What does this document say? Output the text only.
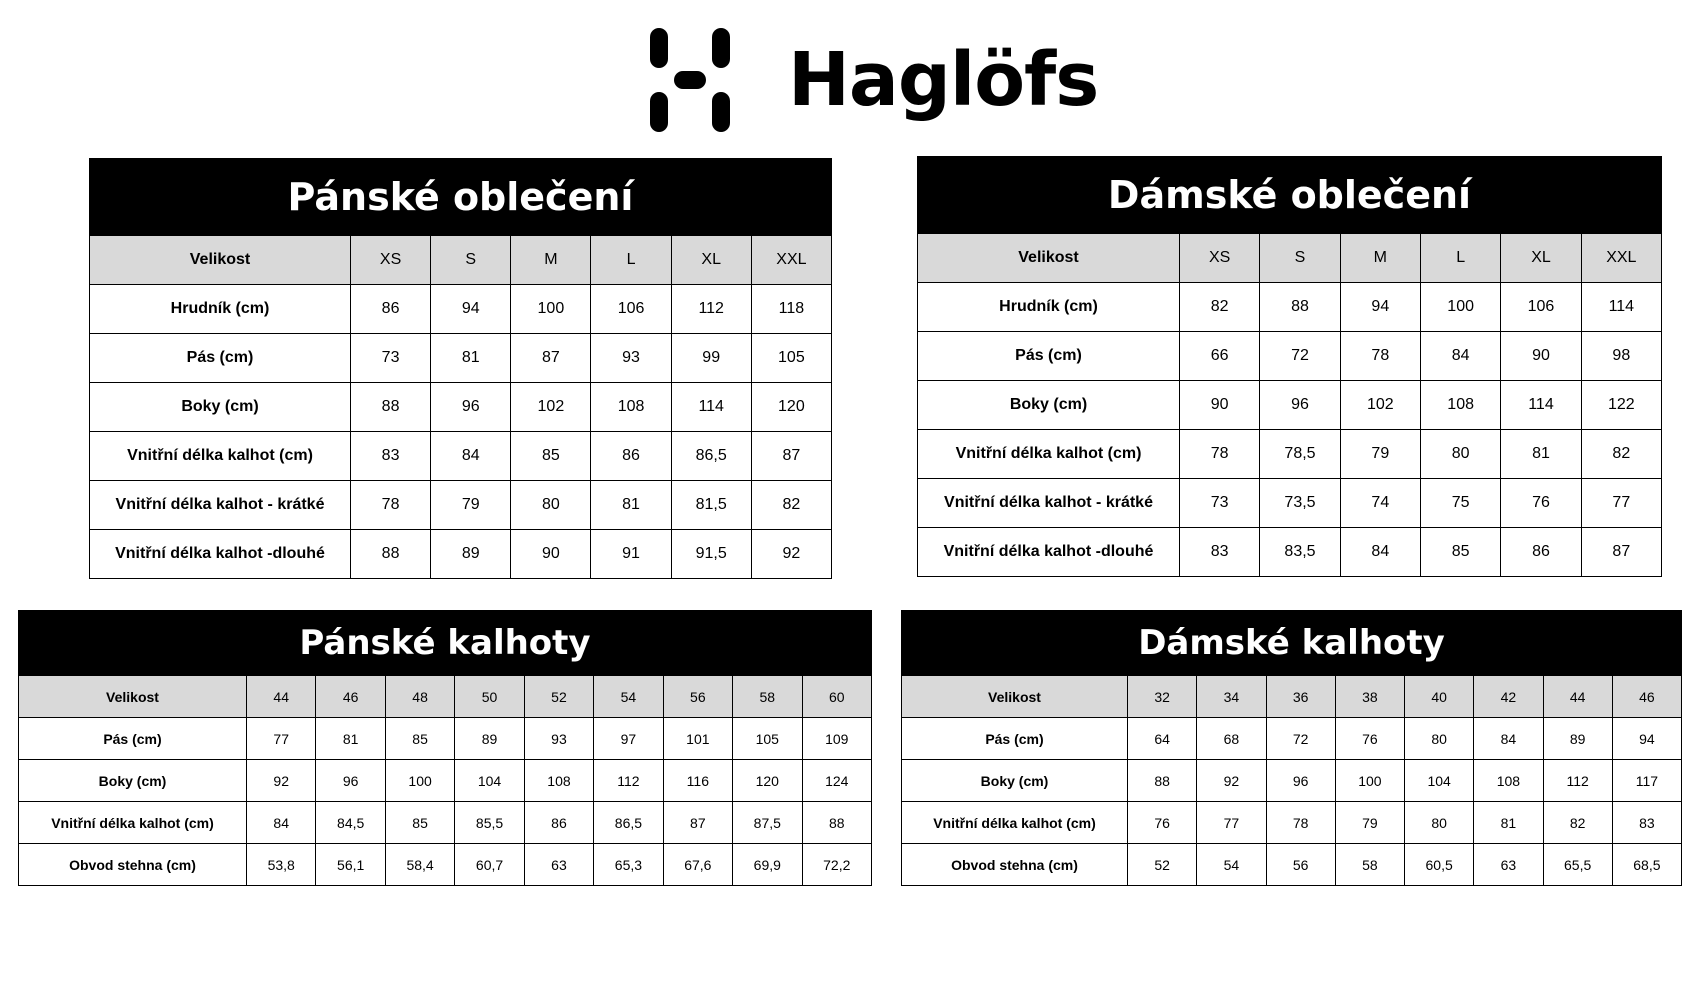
Haglöfs
Pánské oblečení
Velikost	XS	S	M	L	XL	XXL
Hrudník (cm)	86	94	100	106	112	118
Pás (cm)	73	81	87	93	99	105
Boky (cm)	88	96	102	108	114	120
Vnitřní délka kalhot (cm)	83	84	85	86	86,5	87
Vnitřní délka kalhot - krátké	78	79	80	81	81,5	82
Vnitřní délka kalhot -dlouhé	88	89	90	91	91,5	92
Dámské oblečení
Velikost	XS	S	M	L	XL	XXL
Hrudník (cm)	82	88	94	100	106	114
Pás (cm)	66	72	78	84	90	98
Boky (cm)	90	96	102	108	114	122
Vnitřní délka kalhot (cm)	78	78,5	79	80	81	82
Vnitřní délka kalhot - krátké	73	73,5	74	75	76	77
Vnitřní délka kalhot -dlouhé	83	83,5	84	85	86	87
Pánské kalhoty
Velikost	44	46	48	50	52	54	56	58	60
Pás (cm)	77	81	85	89	93	97	101	105	109
Boky (cm)	92	96	100	104	108	112	116	120	124
Vnitřní délka kalhot (cm)	84	84,5	85	85,5	86	86,5	87	87,5	88
Obvod stehna (cm)	53,8	56,1	58,4	60,7	63	65,3	67,6	69,9	72,2
Dámské kalhoty
Velikost	32	34	36	38	40	42	44	46
Pás (cm)	64	68	72	76	80	84	89	94
Boky (cm)	88	92	96	100	104	108	112	117
Vnitřní délka kalhot (cm)	76	77	78	79	80	81	82	83
Obvod stehna (cm)	52	54	56	58	60,5	63	65,5	68,5
